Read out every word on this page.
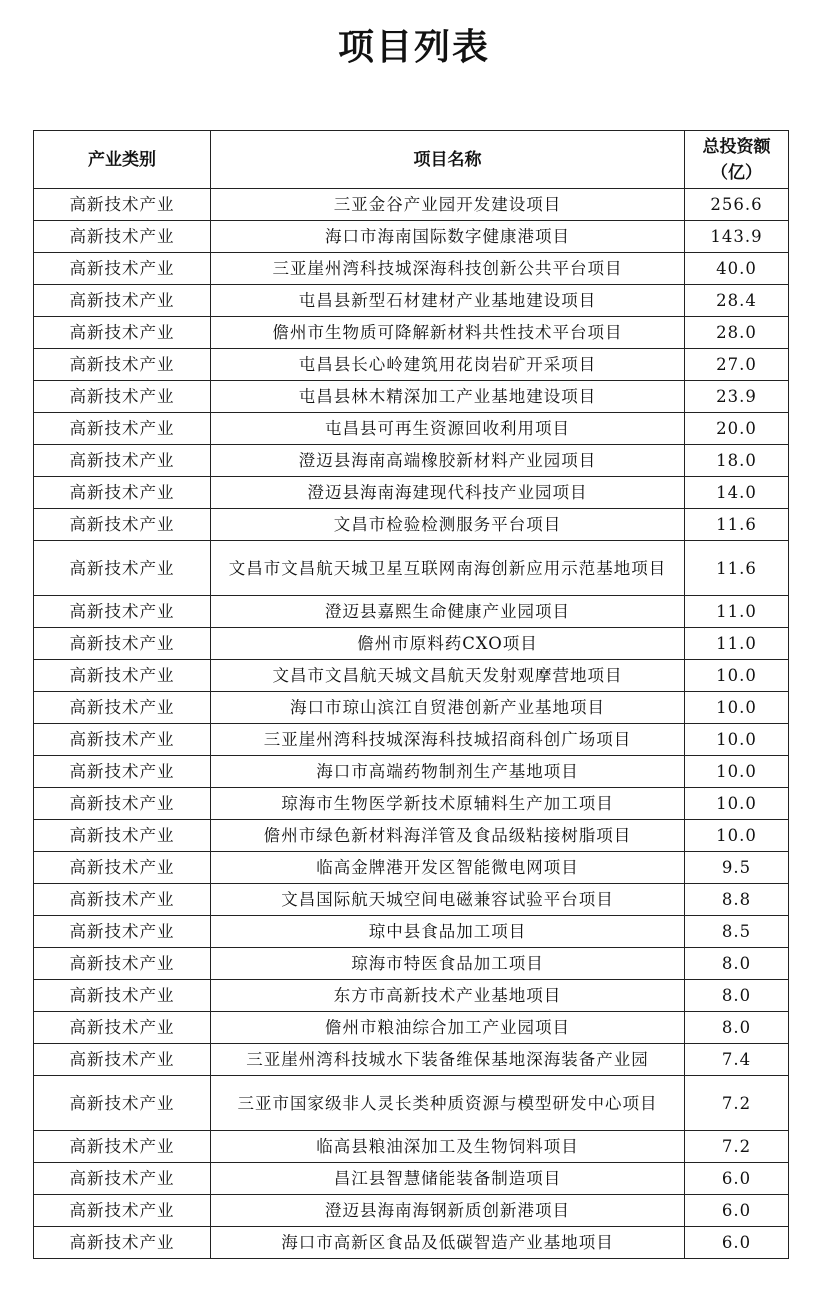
项目列表
产业类别	项目名称	总投资额（亿）
高新技术产业	三亚金谷产业园开发建设项目	256.6
高新技术产业	海口市海南国际数字健康港项目	143.9
高新技术产业	三亚崖州湾科技城深海科技创新公共平台项目	40.0
高新技术产业	屯昌县新型石材建材产业基地建设项目	28.4
高新技术产业	儋州市生物质可降解新材料共性技术平台项目	28.0
高新技术产业	屯昌县长心岭建筑用花岗岩矿开采项目	27.0
高新技术产业	屯昌县林木精深加工产业基地建设项目	23.9
高新技术产业	屯昌县可再生资源回收利用项目	20.0
高新技术产业	澄迈县海南高端橡胶新材料产业园项目	18.0
高新技术产业	澄迈县海南海建现代科技产业园项目	14.0
高新技术产业	文昌市检验检测服务平台项目	11.6
高新技术产业	文昌市文昌航天城卫星互联网南海创新应用示范基地项目	11.6
高新技术产业	澄迈县嘉熙生命健康产业园项目	11.0
高新技术产业	儋州市原料药CXO项目	11.0
高新技术产业	文昌市文昌航天城文昌航天发射观摩营地项目	10.0
高新技术产业	海口市琼山滨江自贸港创新产业基地项目	10.0
高新技术产业	三亚崖州湾科技城深海科技城招商科创广场项目	10.0
高新技术产业	海口市高端药物制剂生产基地项目	10.0
高新技术产业	琼海市生物医学新技术原辅料生产加工项目	10.0
高新技术产业	儋州市绿色新材料海洋管及食品级粘接树脂项目	10.0
高新技术产业	临高金牌港开发区智能微电网项目	9.5
高新技术产业	文昌国际航天城空间电磁兼容试验平台项目	8.8
高新技术产业	琼中县食品加工项目	8.5
高新技术产业	琼海市特医食品加工项目	8.0
高新技术产业	东方市高新技术产业基地项目	8.0
高新技术产业	儋州市粮油综合加工产业园项目	8.0
高新技术产业	三亚崖州湾科技城水下装备维保基地深海装备产业园	7.4
高新技术产业	三亚市国家级非人灵长类种质资源与模型研发中心项目	7.2
高新技术产业	临高县粮油深加工及生物饲料项目	7.2
高新技术产业	昌江县智慧储能装备制造项目	6.0
高新技术产业	澄迈县海南海钢新质创新港项目	6.0
高新技术产业	海口市高新区食品及低碳智造产业基地项目	6.0
